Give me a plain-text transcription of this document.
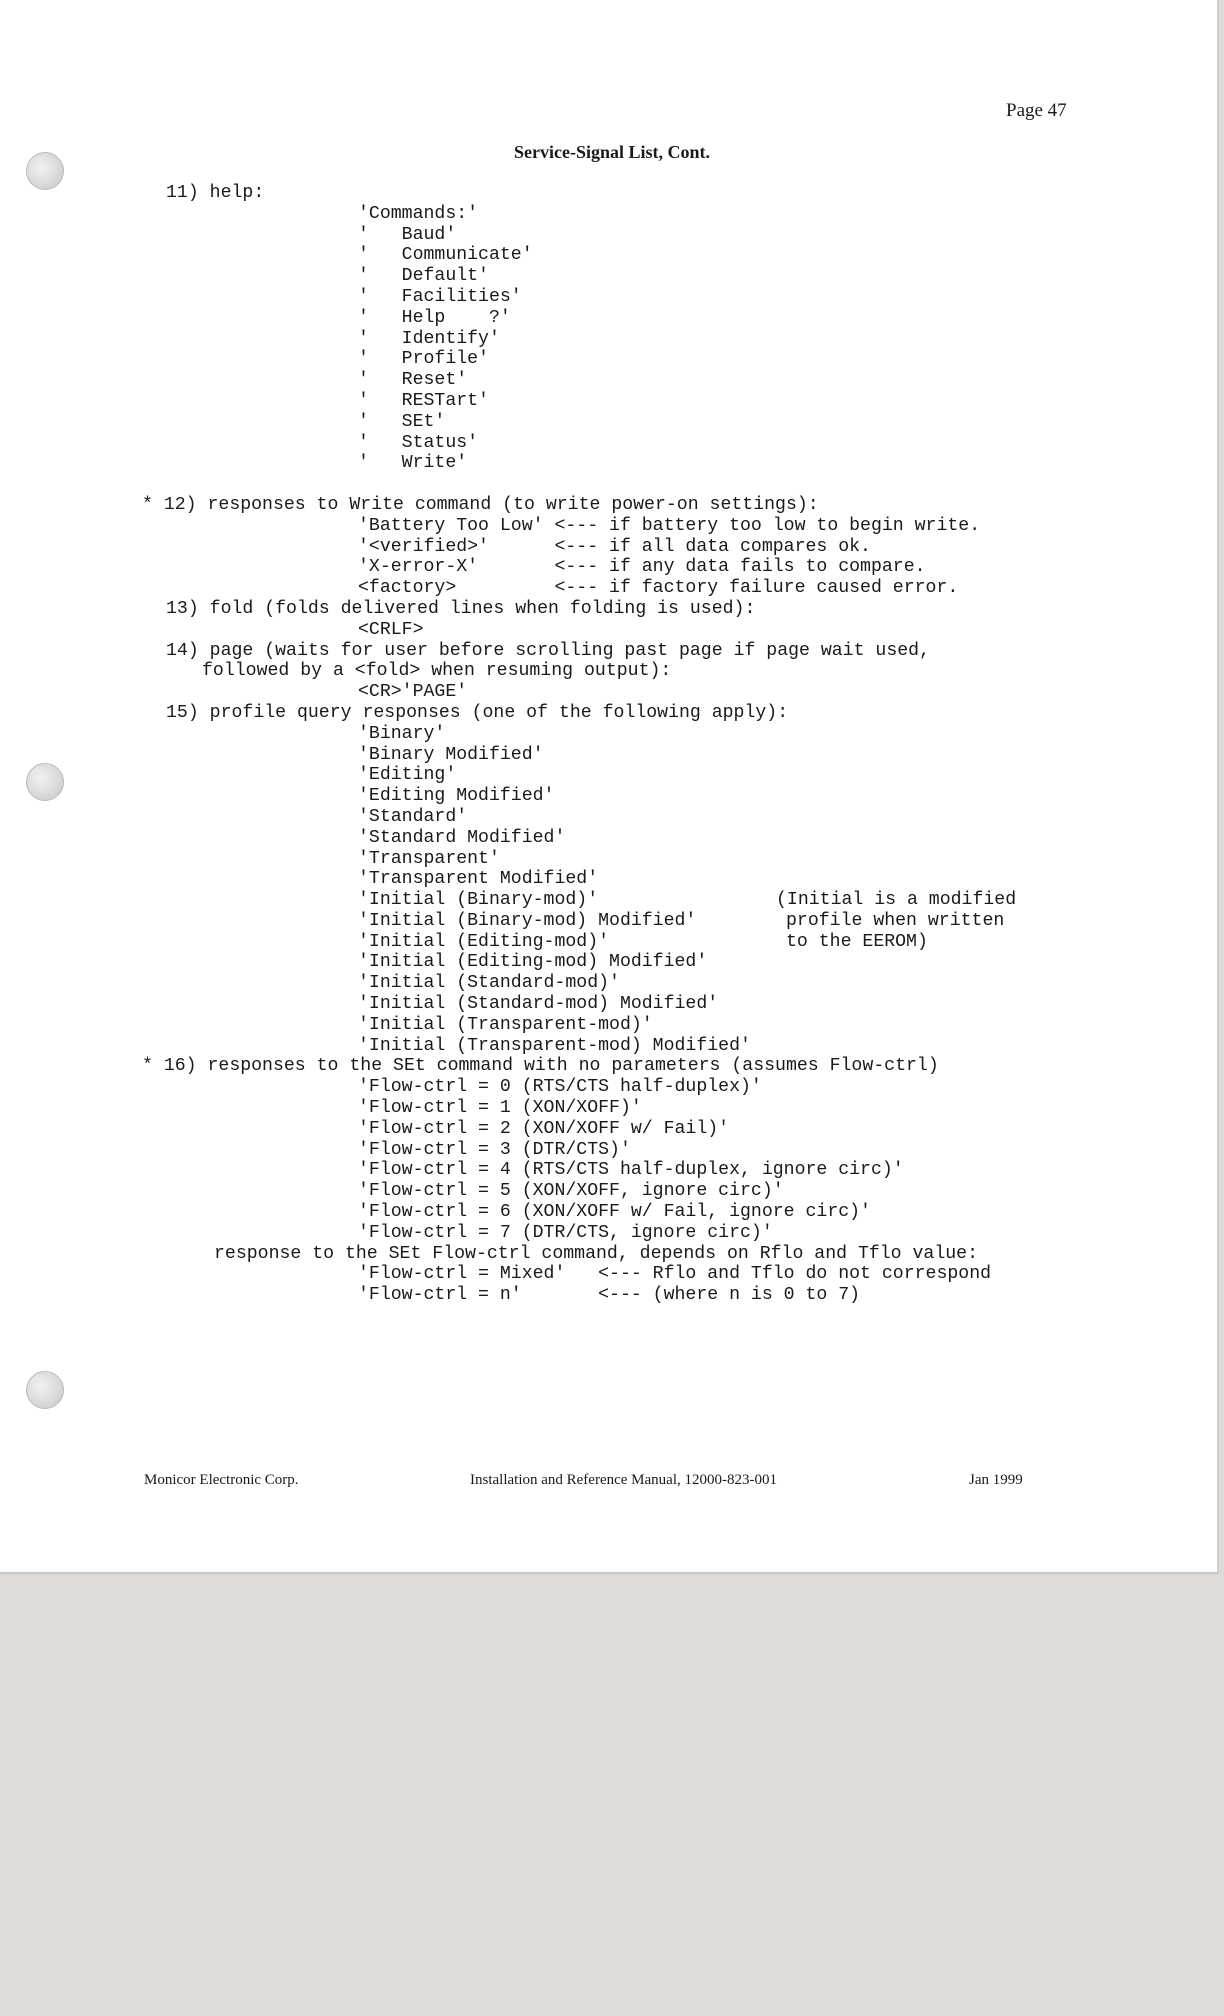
Page 47
Service-Signal List, Cont.
11) help:
'Commands:'
'   Baud'
'   Communicate'
'   Default'
'   Facilities'
'   Help    ?'
'   Identify'
'   Profile'
'   Reset'
'   RESTart'
'   SEt'
'   Status'
'   Write'
* 12) responses to Write command (to write power-on settings):
'Battery Too Low' <--- if battery too low to begin write.
'<verified>'      <--- if all data compares ok.
'X-error-X'       <--- if any data fails to compare.
<factory>         <--- if factory failure caused error.
13) fold (folds delivered lines when folding is used):
<CRLF>
14) page (waits for user before scrolling past page if page wait used,
followed by a <fold> when resuming output):
<CR>'PAGE'
15) profile query responses (one of the following apply):
'Binary'
'Binary Modified'
'Editing'
'Editing Modified'
'Standard'
'Standard Modified'
'Transparent'
'Transparent Modified'
'Initial (Binary-mod)'	(Initial is a modified
'Initial (Binary-mod) Modified'	profile when written
'Initial (Editing-mod)'	to the EEROM)
'Initial (Editing-mod) Modified'
'Initial (Standard-mod)'
'Initial (Standard-mod) Modified'
'Initial (Transparent-mod)'
'Initial (Transparent-mod) Modified'
* 16) responses to the SEt command with no parameters (assumes Flow-ctrl)
'Flow-ctrl = 0 (RTS/CTS half-duplex)'
'Flow-ctrl = 1 (XON/XOFF)'
'Flow-ctrl = 2 (XON/XOFF w/ Fail)'
'Flow-ctrl = 3 (DTR/CTS)'
'Flow-ctrl = 4 (RTS/CTS half-duplex, ignore circ)'
'Flow-ctrl = 5 (XON/XOFF, ignore circ)'
'Flow-ctrl = 6 (XON/XOFF w/ Fail, ignore circ)'
'Flow-ctrl = 7 (DTR/CTS, ignore circ)'
response to the SEt Flow-ctrl command, depends on Rflo and Tflo value:
'Flow-ctrl = Mixed'   <--- Rflo and Tflo do not correspond
'Flow-ctrl = n'       <--- (where n is 0 to 7)
Monicor Electronic Corp.	Installation and Reference Manual, 12000-823-001	Jan 1999
